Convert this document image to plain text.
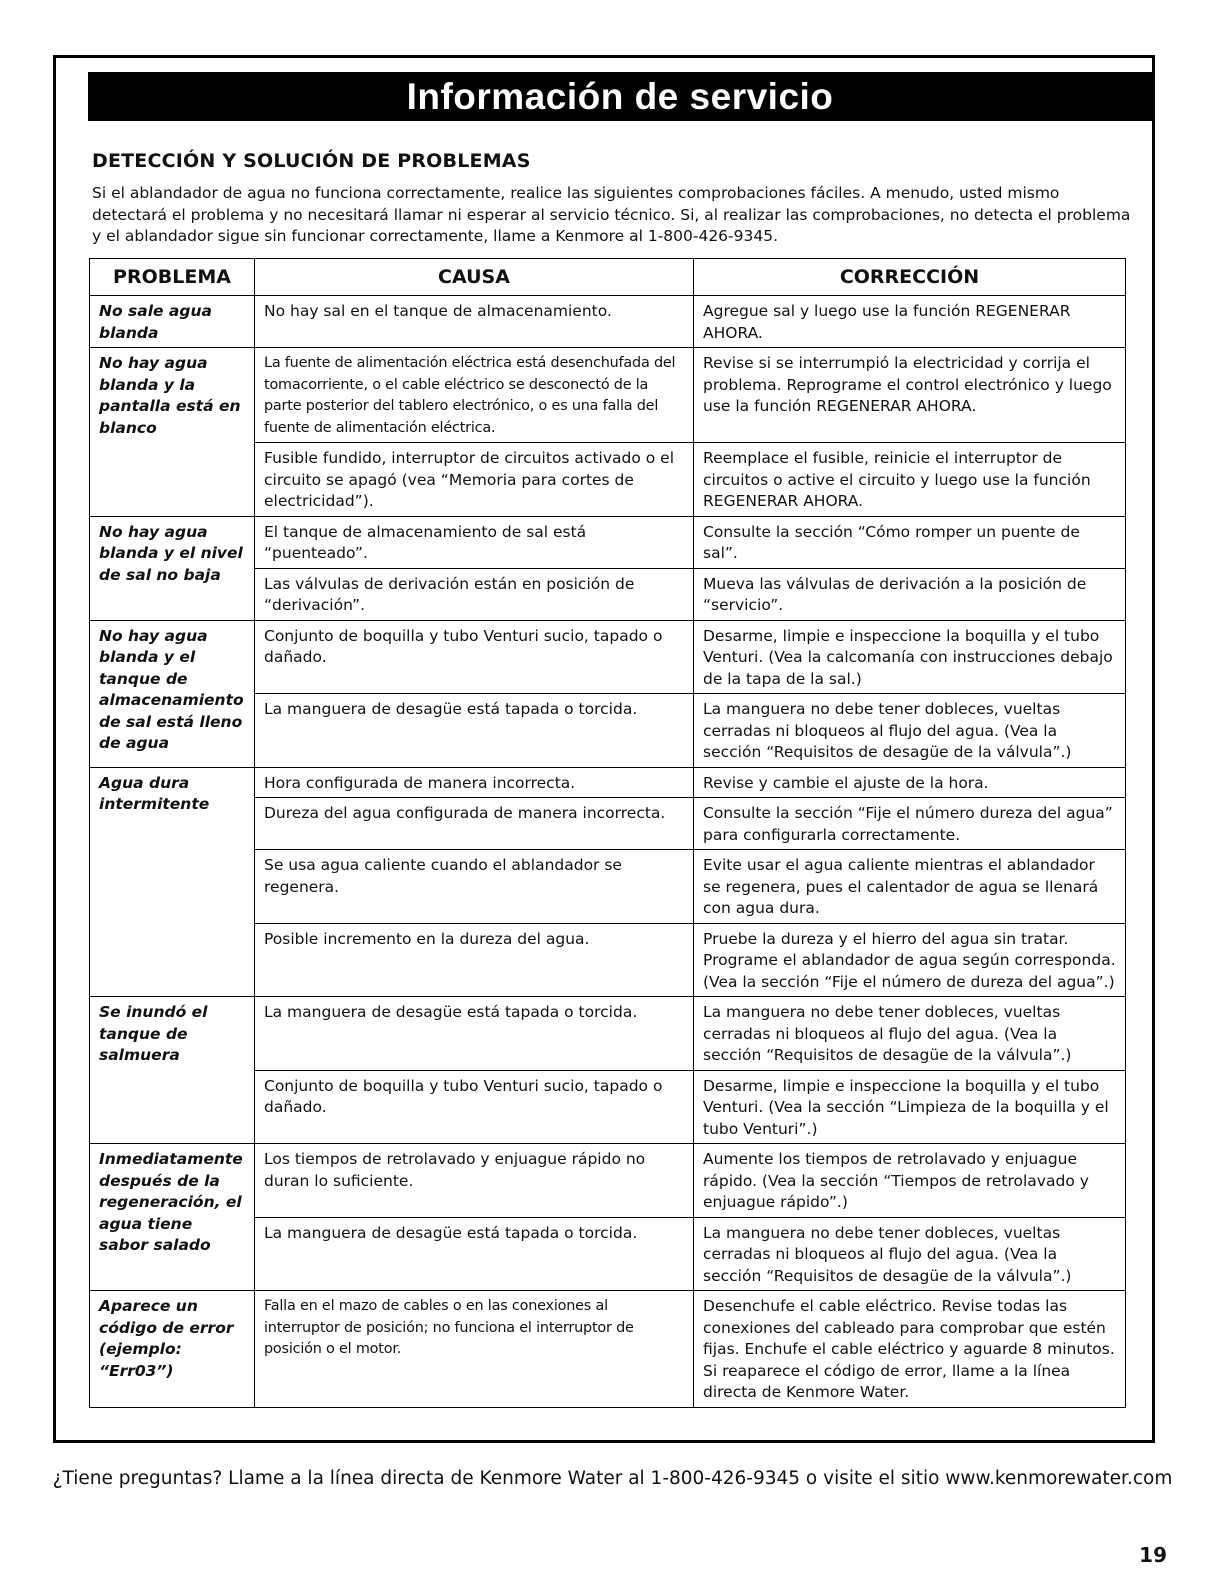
Información de servicio
DETECCIÓN Y SOLUCIÓN DE PROBLEMAS
Si el ablandador de agua no funciona correctamente, realice las siguientes comprobaciones fáciles. A menudo, usted mismo detectará el problema y no necesitará llamar ni esperar al servicio técnico. Si, al realizar las comprobaciones, no detecta el problema y el ablandador sigue sin funcionar correctamente, llame a Kenmore al 1-800-426-9345.
PROBLEMA	CAUSA	CORRECCIÓN
No sale agua blanda	No hay sal en el tanque de almacenamiento.	Agregue sal y luego use la función REGENERAR AHORA.
No hay agua blanda y la pantalla está en blanco	La fuente de alimentación eléctrica está desenchufada del tomacorriente, o el cable eléctrico se desconectó de la parte posterior del tablero electrónico, o es una falla del fuente de alimentación eléctrica.	Revise si se interrumpió la electricidad y corrija el problema. Reprograme el control electrónico y luego use la función REGENERAR AHORA.
	Fusible fundido, interruptor de circuitos activado o el circuito se apagó (vea “Memoria para cortes de electricidad”).	Reemplace el fusible, reinicie el interruptor de circuitos o active el circuito y luego use la función REGENERAR AHORA.
No hay agua blanda y el nivel de sal no baja	El tanque de almacenamiento de sal está “puenteado”.	Consulte la sección “Cómo romper un puente de sal”.
	Las válvulas de derivación están en posición de “derivación”.	Mueva las válvulas de derivación a la posición de “servicio”.
No hay agua blanda y el tanque de almacenamiento de sal está lleno de agua	Conjunto de boquilla y tubo Venturi sucio, tapado o dañado.	Desarme, limpie e inspeccione la boquilla y el tubo Venturi. (Vea la calcomanía con instrucciones debajo de la tapa de la sal.)
	La manguera de desagüe está tapada o torcida.	La manguera no debe tener dobleces, vueltas cerradas ni bloqueos al flujo del agua. (Vea la sección “Requisitos de desagüe de la válvula”.)
Agua dura intermitente	Hora configurada de manera incorrecta.	Revise y cambie el ajuste de la hora.
	Dureza del agua configurada de manera incorrecta.	Consulte la sección “Fije el número dureza del agua” para configurarla correctamente.
	Se usa agua caliente cuando el ablandador se regenera.	Evite usar el agua caliente mientras el ablandador se regenera, pues el calentador de agua se llenará con agua dura.
	Posible incremento en la dureza del agua.	Pruebe la dureza y el hierro del agua sin tratar. Programe el ablandador de agua según corresponda. (Vea la sección “Fije el número de dureza del agua”.)
Se inundó el tanque de salmuera	La manguera de desagüe está tapada o torcida.	La manguera no debe tener dobleces, vueltas cerradas ni bloqueos al flujo del agua. (Vea la sección “Requisitos de desagüe de la válvula”.)
	Conjunto de boquilla y tubo Venturi sucio, tapado o dañado.	Desarme, limpie e inspeccione la boquilla y el tubo Venturi. (Vea la sección “Limpieza de la boquilla y el tubo Venturi”.)
Inmediatamente después de la regeneración, el agua tiene sabor salado	Los tiempos de retrolavado y enjuague rápido no duran lo suficiente.	Aumente los tiempos de retrolavado y enjuague rápido. (Vea la sección “Tiempos de retrolavado y enjuague rápido”.)
	La manguera de desagüe está tapada o torcida.	La manguera no debe tener dobleces, vueltas cerradas ni bloqueos al flujo del agua. (Vea la sección “Requisitos de desagüe de la válvula”.)
Aparece un código de error (ejemplo: “Err03”)	Falla en el mazo de cables o en las conexiones al interruptor de posición; no funciona el interruptor de posición o el motor.	Desenchufe el cable eléctrico. Revise todas las conexiones del cableado para comprobar que estén fijas. Enchufe el cable eléctrico y aguarde 8 minutos. Si reaparece el código de error, llame a la línea directa de Kenmore Water.
¿Tiene preguntas? Llame a la línea directa de Kenmore Water al 1-800-426-9345 o visite el sitio www.kenmorewater.com
19
